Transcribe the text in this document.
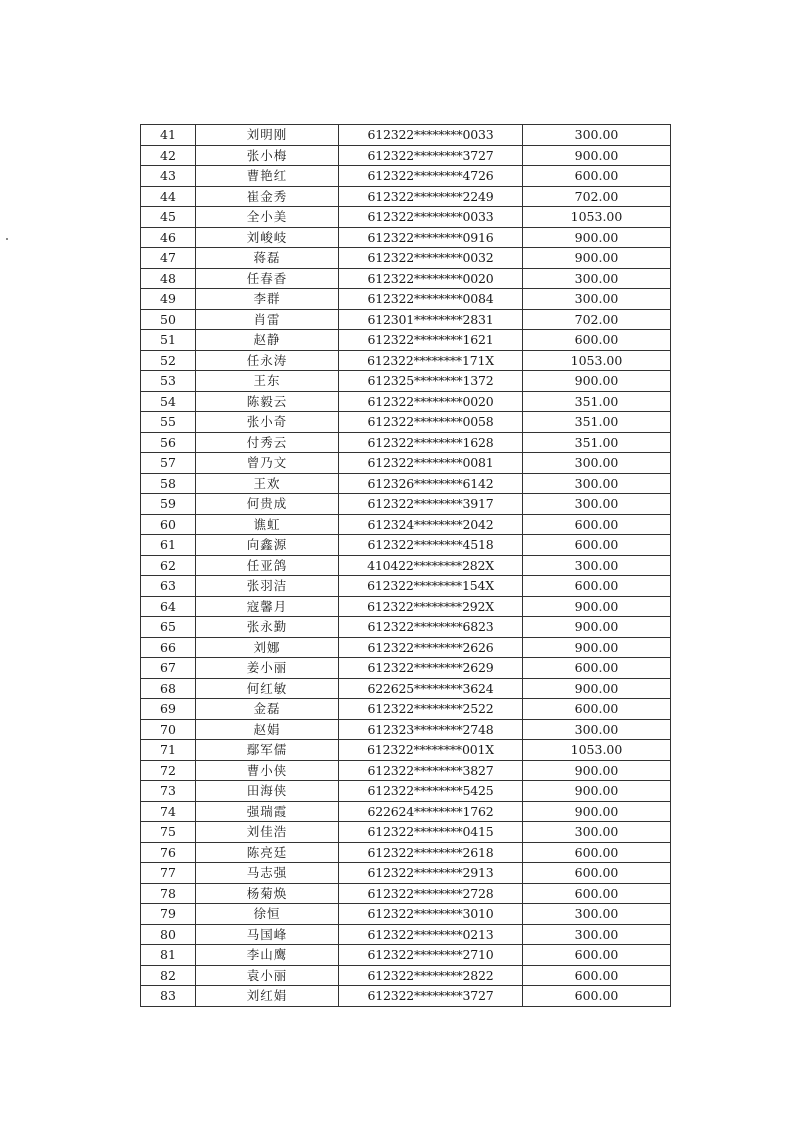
41	刘明刚	612322********0033	300.00
42	张小梅	612322********3727	900.00
43	曹艳红	612322********4726	600.00
44	崔金秀	612322********2249	702.00
45	全小美	612322********0033	1053.00
46	刘峻岐	612322********0916	900.00
47	蒋磊	612322********0032	900.00
48	任春香	612322********0020	300.00
49	李群	612322********0084	300.00
50	肖雷	612301********2831	702.00
51	赵静	612322********1621	600.00
52	任永涛	612322********171X	1053.00
53	王东	612325********1372	900.00
54	陈毅云	612322********0020	351.00
55	张小奇	612322********0058	351.00
56	付秀云	612322********1628	351.00
57	曾乃文	612322********0081	300.00
58	王欢	612326********6142	300.00
59	何贵成	612322********3917	300.00
60	谯虹	612324********2042	600.00
61	向鑫源	612322********4518	600.00
62	任亚鸽	410422********282X	300.00
63	张羽洁	612322********154X	600.00
64	寇馨月	612322********292X	900.00
65	张永勤	612322********6823	900.00
66	刘娜	612322********2626	900.00
67	姜小丽	612322********2629	600.00
68	何红敏	622625********3624	900.00
69	金磊	612322********2522	600.00
70	赵娟	612323********2748	300.00
71	鄢军儒	612322********001X	1053.00
72	曹小侠	612322********3827	900.00
73	田海侠	612322********5425	900.00
74	强瑞霞	622624********1762	900.00
75	刘佳浩	612322********0415	300.00
76	陈亮廷	612322********2618	600.00
77	马志强	612322********2913	600.00
78	杨菊焕	612322********2728	600.00
79	徐恒	612322********3010	300.00
80	马国峰	612322********0213	300.00
81	李山鹰	612322********2710	600.00
82	袁小丽	612322********2822	600.00
83	刘红娟	612322********3727	600.00
